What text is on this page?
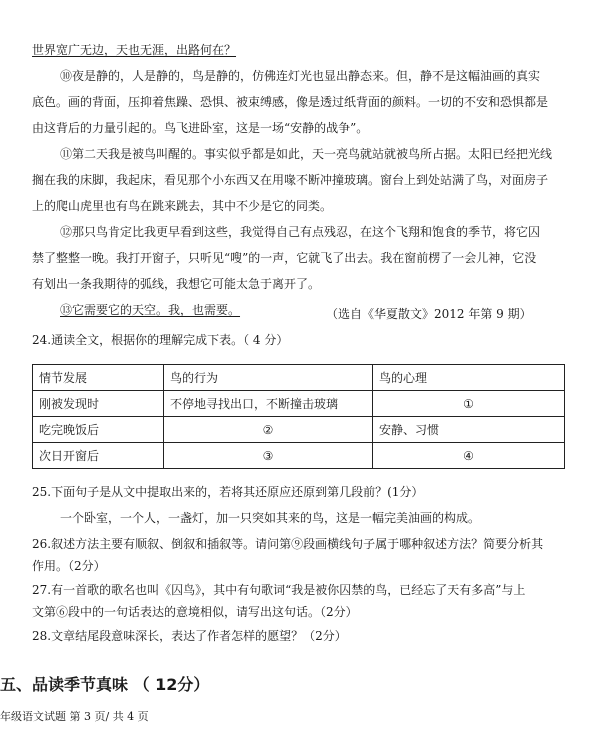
世界宽广无边，天也无涯，出路何在？
⑩夜是静的，人是静的，鸟是静的，仿佛连灯光也显出静态来。但，静不是这幅油画的真实
底色。画的背面，压抑着焦躁、恐惧、被束缚感，像是透过纸背面的颜料。一切的不安和恐惧都是
由这背后的力量引起的。鸟飞进卧室，这是一场“安静的战争”。
⑪第二天我是被鸟叫醒的。事实似乎都是如此，天一亮鸟就站就被鸟所占据。太阳已经把光线
搁在我的床脚，我起床，看见那个小东西又在用喙不断冲撞玻璃。窗台上到处站满了鸟，对面房子
上的爬山虎里也有鸟在跳来跳去，其中不少是它的同类。
⑫那只鸟肯定比我更早看到这些，我觉得自己有点残忍，在这个飞翔和饱食的季节，将它囚
禁了整整一晚。我打开窗子，只听见“嗖”的一声，它就飞了出去。我在窗前楞了一会儿神，它没
有划出一条我期待的弧线，我想它可能太急于离开了。
⑬它需要它的天空。我，也需要。	（选自《华夏散文》2012 年第 9 期）
24.通读全文，根据你的理解完成下表。（ 4 分）
情节发展	鸟的行为	鸟的心理
刚被发现时	不停地寻找出口，不断撞击玻璃	①
吃完晚饭后	②	安静、习惯
次日开窗后	③	④
25.下面句子是从文中提取出来的，若将其还原应还原到第几段前？(1分）
一个卧室，一个人，一盏灯，加一只突如其来的鸟，这是一幅完美油画的构成。
26.叙述方法主要有顺叙、倒叙和插叙等。请问第⑨段画横线句子属于哪种叙述方法？简要分析其
作用。（2分）
27.有一首歌的歌名也叫《囚鸟》，其中有句歌词“我是被你囚禁的鸟，已经忘了天有多高”与上
文第⑥段中的一句话表达的意境相似，请写出这句话。（2分）
28.文章结尾段意味深长，表达了作者怎样的愿望？（2分）
五、品读季节真味 （ 12分）
年级语文试题 第 3 页/ 共 4 页
